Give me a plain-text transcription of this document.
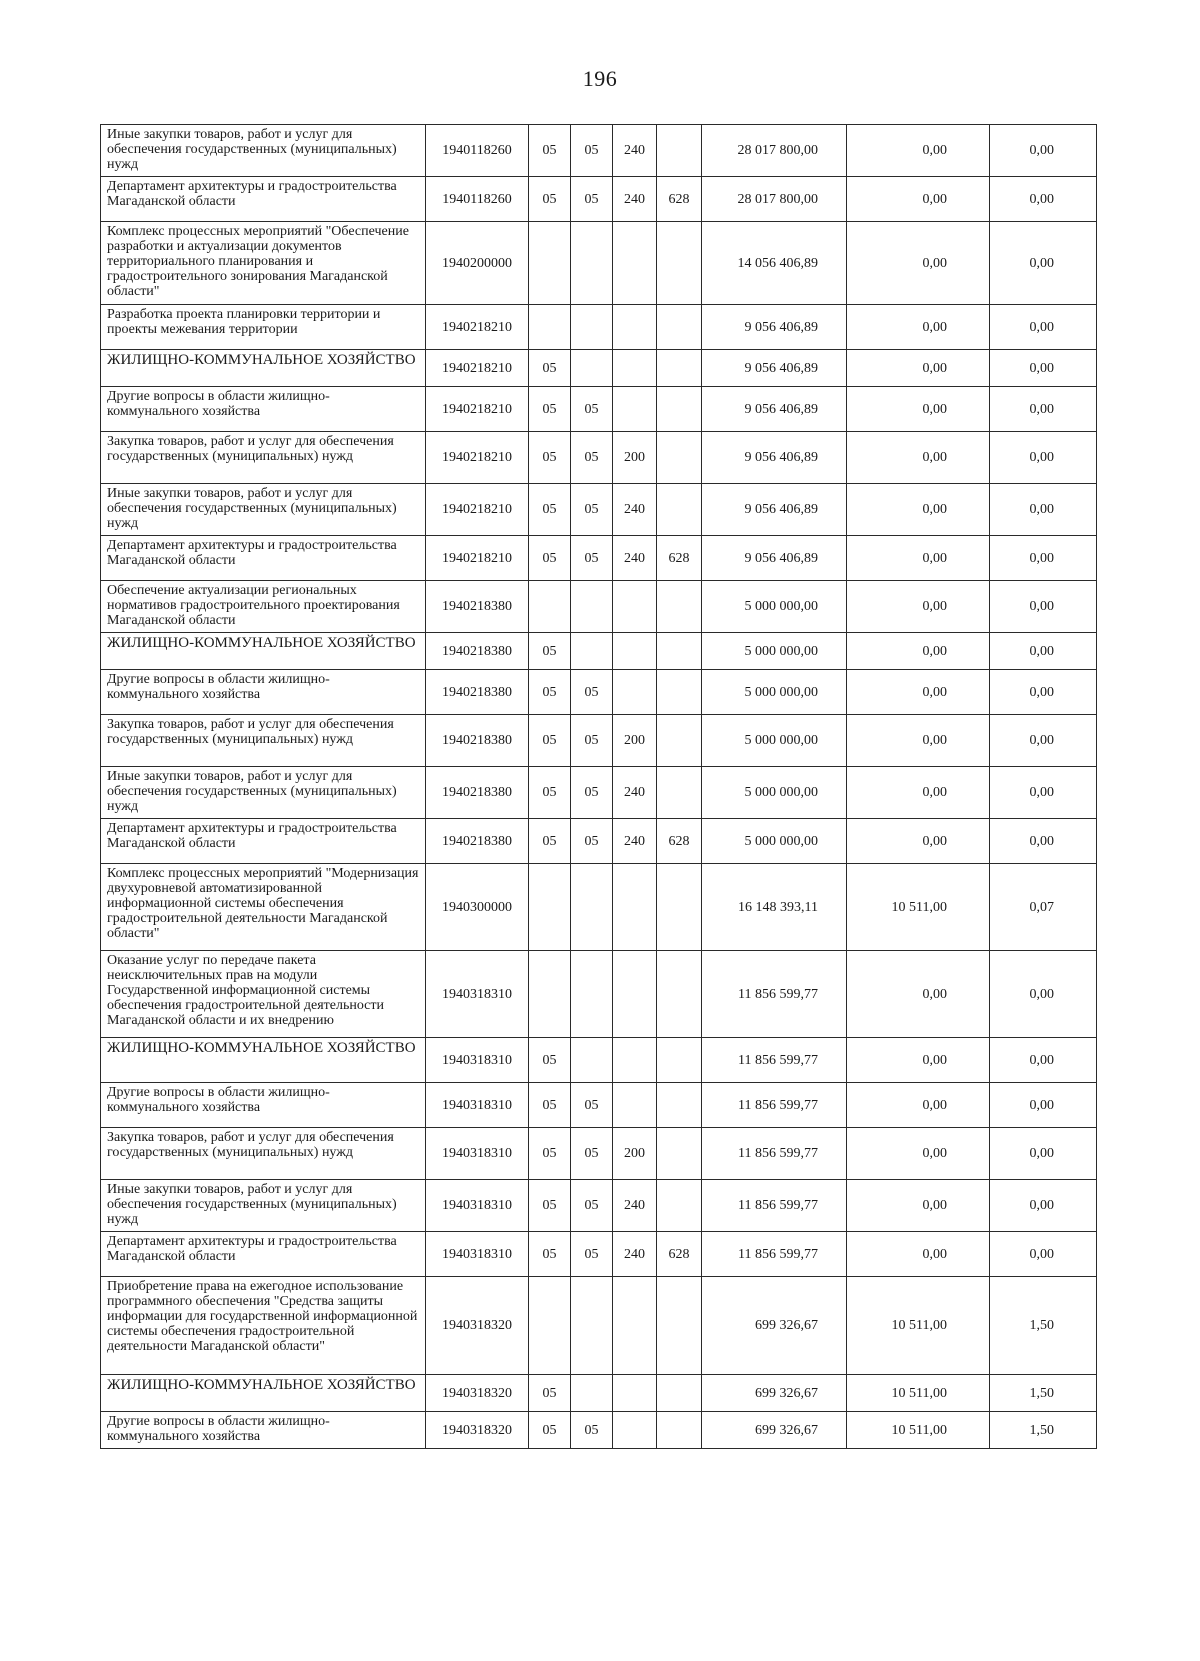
196
Иные закупки товаров, работ и услуг для обеспечения государственных (муниципальных) нужд	1940118260	05	05	240		28 017 800,00	0,00	0,00
Департамент архитектуры и градостроительства Магаданской области	1940118260	05	05	240	628	28 017 800,00	0,00	0,00
Комплекс процессных мероприятий "Обеспечение разработки и актуализации документов территориального планирования и градостроительного зонирования Магаданской области"	1940200000					14 056 406,89	0,00	0,00
Разработка проекта планировки территории и проекты межевания территории	1940218210					9 056 406,89	0,00	0,00
ЖИЛИЩНО-КОММУНАЛЬНОЕ ХОЗЯЙСТВО	1940218210	05				9 056 406,89	0,00	0,00
Другие вопросы в области жилищно-коммунального хозяйства	1940218210	05	05			9 056 406,89	0,00	0,00
Закупка товаров, работ и услуг для обеспечения государственных (муниципальных) нужд	1940218210	05	05	200		9 056 406,89	0,00	0,00
Иные закупки товаров, работ и услуг для обеспечения государственных (муниципальных) нужд	1940218210	05	05	240		9 056 406,89	0,00	0,00
Департамент архитектуры и градостроительства Магаданской области	1940218210	05	05	240	628	9 056 406,89	0,00	0,00
Обеспечение актуализации региональных нормативов градостроительного проектирования Магаданской области	1940218380					5 000 000,00	0,00	0,00
ЖИЛИЩНО-КОММУНАЛЬНОЕ ХОЗЯЙСТВО	1940218380	05				5 000 000,00	0,00	0,00
Другие вопросы в области жилищно-коммунального хозяйства	1940218380	05	05			5 000 000,00	0,00	0,00
Закупка товаров, работ и услуг для обеспечения государственных (муниципальных) нужд	1940218380	05	05	200		5 000 000,00	0,00	0,00
Иные закупки товаров, работ и услуг для обеспечения государственных (муниципальных) нужд	1940218380	05	05	240		5 000 000,00	0,00	0,00
Департамент архитектуры и градостроительства Магаданской области	1940218380	05	05	240	628	5 000 000,00	0,00	0,00
Комплекс процессных мероприятий "Модернизация двухуровневой автоматизированной информационной системы обеспечения градостроительной деятельности Магаданской области"	1940300000					16 148 393,11	10 511,00	0,07
Оказание услуг по передаче пакета неисключительных прав на модули Государственной информационной системы обеспечения градостроительной деятельности Магаданской области и их внедрению	1940318310					11 856 599,77	0,00	0,00
ЖИЛИЩНО-КОММУНАЛЬНОЕ ХОЗЯЙСТВО	1940318310	05				11 856 599,77	0,00	0,00
Другие вопросы в области жилищно-коммунального хозяйства	1940318310	05	05			11 856 599,77	0,00	0,00
Закупка товаров, работ и услуг для обеспечения государственных (муниципальных) нужд	1940318310	05	05	200		11 856 599,77	0,00	0,00
Иные закупки товаров, работ и услуг для обеспечения государственных (муниципальных) нужд	1940318310	05	05	240		11 856 599,77	0,00	0,00
Департамент архитектуры и градостроительства Магаданской области	1940318310	05	05	240	628	11 856 599,77	0,00	0,00
Приобретение права на ежегодное использование программного обеспечения "Средства защиты информации для государственной информационной системы обеспечения градостроительной деятельности Магаданской области"	1940318320					699 326,67	10 511,00	1,50
ЖИЛИЩНО-КОММУНАЛЬНОЕ ХОЗЯЙСТВО	1940318320	05				699 326,67	10 511,00	1,50
Другие вопросы в области жилищно-коммунального хозяйства	1940318320	05	05			699 326,67	10 511,00	1,50
